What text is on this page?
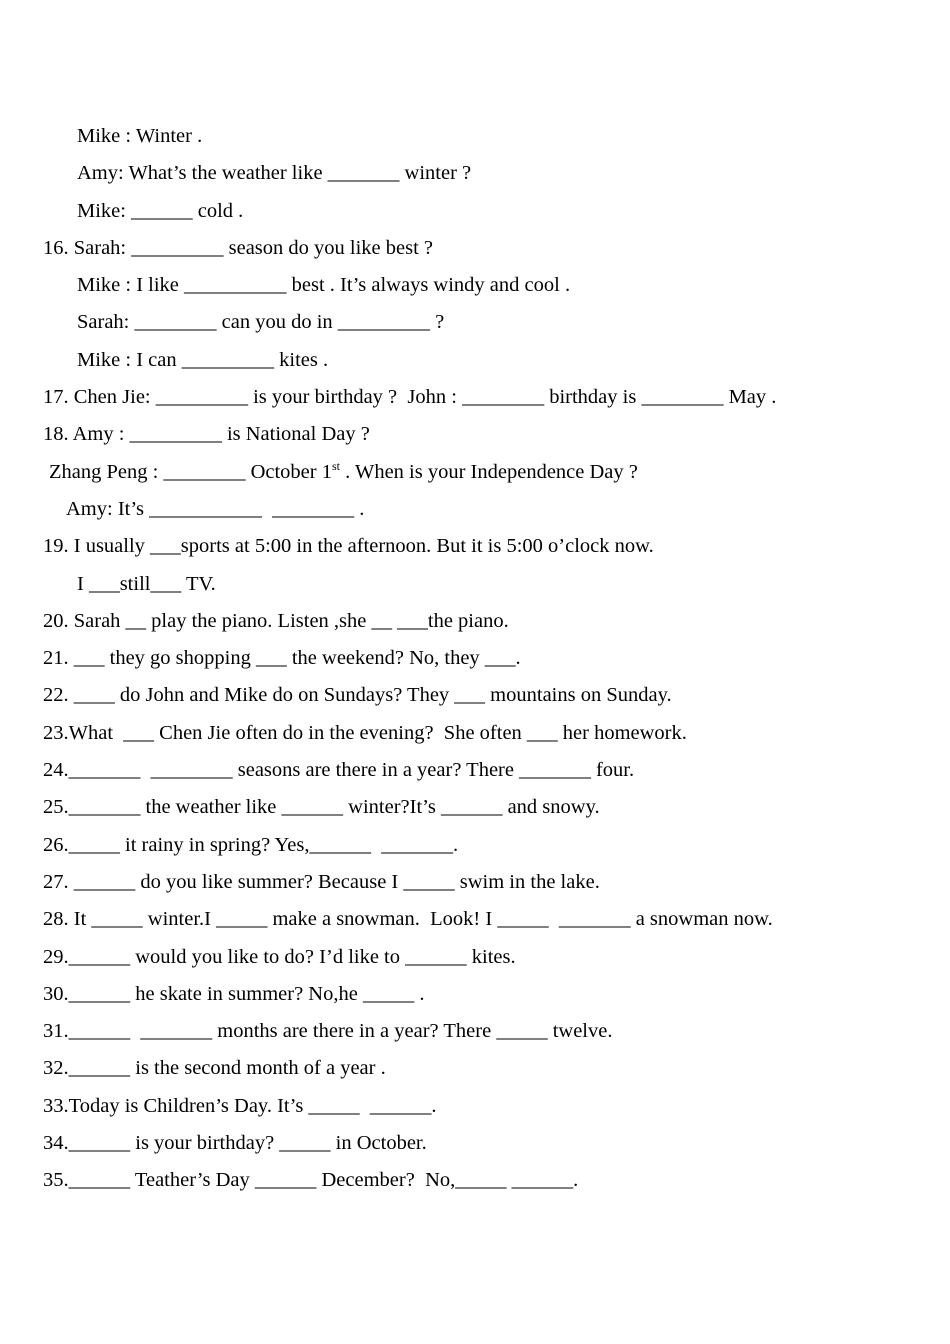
Mike : Winter .
Amy: What’s the weather like _______ winter ?
Mike: ______ cold .
16. Sarah: _________ season do you like best ?
Mike : I like __________ best . It’s always windy and cool .
Sarah: ________ can you do in _________ ?
Mike : I can _________ kites .
17. Chen Jie: _________ is your birthday ?  John : ________ birthday is ________ May .
18. Amy : _________ is National Day ?
Zhang Peng : ________ October 1st . When is your Independence Day ?
Amy: It’s ___________  ________ .
19. I usually ___sports at 5:00 in the afternoon. But it is 5:00 o’clock now.
I ___still___ TV.
20. Sarah __ play the piano. Listen ,she __ ___the piano.
21. ___ they go shopping ___ the weekend? No, they ___.
22. ____ do John and Mike do on Sundays? They ___ mountains on Sunday.
23.What  ___ Chen Jie often do in the evening?  She often ___ her homework.
24._______  ________ seasons are there in a year? There _______ four.
25._______ the weather like ______ winter?It’s ______ and snowy.
26._____ it rainy in spring? Yes,______  _______.
27. ______ do you like summer? Because I _____ swim in the lake.
28. It _____ winter.I _____ make a snowman.  Look! I _____  _______ a snowman now.
29.______ would you like to do? I’d like to ______ kites.
30.______ he skate in summer? No,he _____ .
31.______  _______ months are there in a year? There _____ twelve.
32.______ is the second month of a year .
33.Today is Children’s Day. It’s _____  ______.
34.______ is your birthday? _____ in October.
35.______ Teather’s Day ______ December?  No,_____ ______.
